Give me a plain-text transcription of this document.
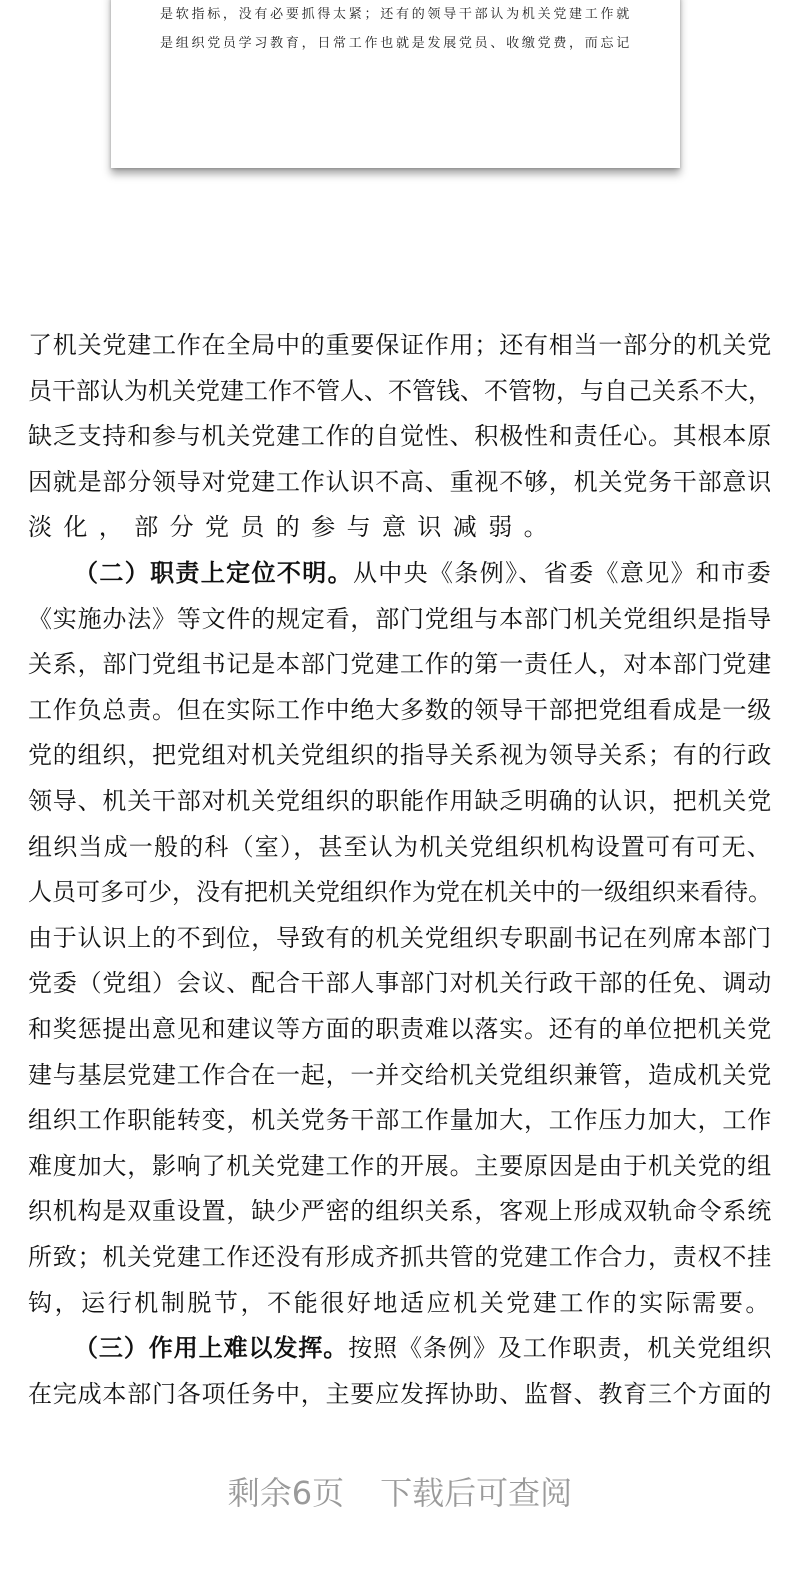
是软指标，没有必要抓得太紧；还有的领导干部认为机关党建工作就
是组织党员学习教育，日常工作也就是发展党员、收缴党费，而忘记
了机关党建工作在全局中的重要保证作用；还有相当一部分的机关党
员干部认为机关党建工作不管人、不管钱、不管物，与自己关系不大，
缺乏支持和参与机关党建工作的自觉性、积极性和责任心。其根本原
因就是部分领导对党建工作认识不高、重视不够，机关党务干部意识
淡化，部分党员的参与意识减弱。
（二）职责上定位不明。从中央《条例》、省委《意见》和市委
《实施办法》等文件的规定看，部门党组与本部门机关党组织是指导
关系，部门党组书记是本部门党建工作的第一责任人，对本部门党建
工作负总责。但在实际工作中绝大多数的领导干部把党组看成是一级
党的组织，把党组对机关党组织的指导关系视为领导关系；有的行政
领导、机关干部对机关党组织的职能作用缺乏明确的认识，把机关党
组织当成一般的科（室），甚至认为机关党组织机构设置可有可无、
人员可多可少，没有把机关党组织作为党在机关中的一级组织来看待。
由于认识上的不到位，导致有的机关党组织专职副书记在列席本部门
党委（党组）会议、配合干部人事部门对机关行政干部的任免、调动
和奖惩提出意见和建议等方面的职责难以落实。还有的单位把机关党
建与基层党建工作合在一起，一并交给机关党组织兼管，造成机关党
组织工作职能转变，机关党务干部工作量加大，工作压力加大，工作
难度加大，影响了机关党建工作的开展。主要原因是由于机关党的组
织机构是双重设置，缺少严密的组织关系，客观上形成双轨命令系统
所致；机关党建工作还没有形成齐抓共管的党建工作合力，责权不挂
钩，运行机制脱节，不能很好地适应机关党建工作的实际需要。
（三）作用上难以发挥。按照《条例》及工作职责，机关党组织
在完成本部门各项任务中，主要应发挥协助、监督、教育三个方面的
剩余6页 下载后可查阅
